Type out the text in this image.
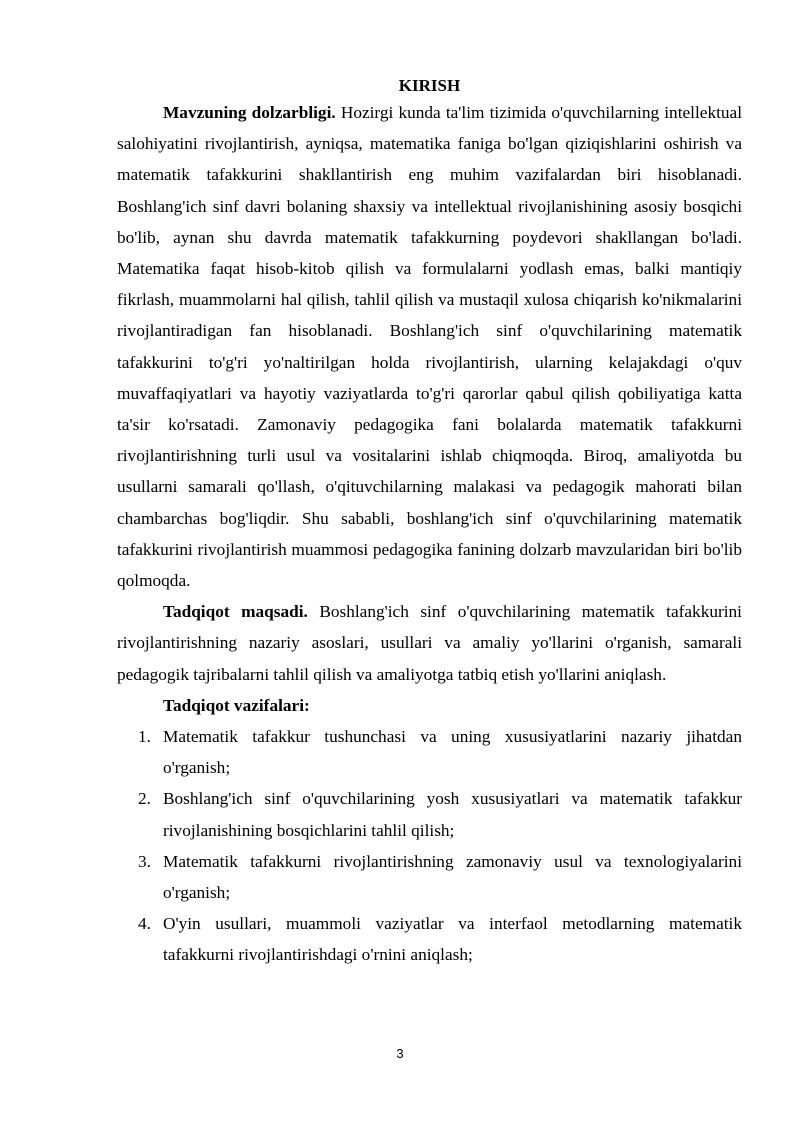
KIRISH

Mavzuning dolzarbligi. Hozirgi kunda ta'lim tizimida o'quvchilarning intellektual salohiyatini rivojlantirish, ayniqsa, matematika faniga bo'lgan qiziqishlarini oshirish va matematik tafakkurini shakllantirish eng muhim vazifalardan biri hisoblanadi. Boshlang'ich sinf davri bolaning shaxsiy va intellektual rivojlanishining asosiy bosqichi bo'lib, aynan shu davrda matematik tafakkurning poydevori shakllangan bo'ladi. Matematika faqat hisob-kitob qilish va formulalarni yodlash emas, balki mantiqiy fikrlash, muammolarni hal qilish, tahlil qilish va mustaqil xulosa chiqarish ko'nikmalarini rivojlantiradigan fan hisoblanadi. Boshlang'ich sinf o'quvchilarining matematik tafakkurini to'g'ri yo'naltirilgan holda rivojlantirish, ularning kelajakdagi o'quv muvaffaqiyatlari va hayotiy vaziyatlarda to'g'ri qarorlar qabul qilish qobiliyatiga katta ta'sir ko'rsatadi. Zamonaviy pedagogika fani bolalarda matematik tafakkurni rivojlantirishning turli usul va vositalarini ishlab chiqmoqda. Biroq, amaliyotda bu usullarni samarali qo'llash, o'qituvchilarning malakasi va pedagogik mahorati bilan chambarchas bog'liqdir. Shu sababli, boshlang'ich sinf o'quvchilarining matematik tafakkurini rivojlantirish muammosi pedagogika fanining dolzarb mavzularidan biri bo'lib qolmoqda.

Tadqiqot maqsadi. Boshlang'ich sinf o'quvchilarining matematik tafakkurini rivojlantirishning nazariy asoslari, usullari va amaliy yo'llarini o'rganish, samarali pedagogik tajribalarni tahlil qilish va amaliyotga tatbiq etish yo'llarini aniqlash.

Tadqiqot vazifalari:

1. Matematik tafakkur tushunchasi va uning xususiyatlarini nazariy jihatdan o'rganish;
2. Boshlang'ich sinf o'quvchilarining yosh xususiyatlari va matematik tafakkur rivojlanishining bosqichlarini tahlil qilish;
3. Matematik tafakkurni rivojlantirishning zamonaviy usul va texnologiyalarini o'rganish;
4. O'yin usullari, muammoli vaziyatlar va interfaol metodlarning matematik tafakkurni rivojlantirishdagi o'rnini aniqlash;
3
